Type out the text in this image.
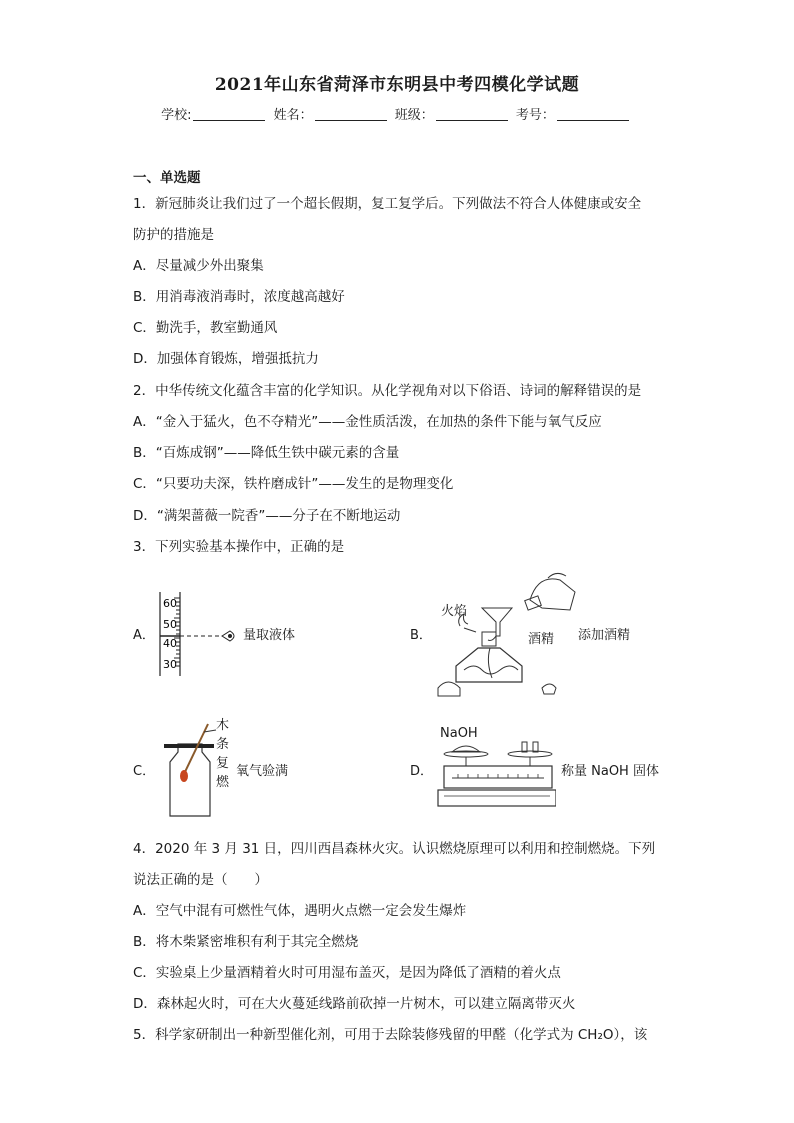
2021年山东省菏泽市东明县中考四模化学试题
学校:	姓名：	班级：	考号：
一、单选题
1．新冠肺炎让我们过了一个超长假期，复工复学后。下列做法不符合人体健康或安全
防护的措施是
A．尽量减少外出聚集
B．用消毒液消毒时，浓度越高越好
C．勤洗手，教室勤通风
D．加强体育锻炼，增强抵抗力
2．中华传统文化蕴含丰富的化学知识。从化学视角对以下俗语、诗词的解释错误的是
A．“金入于猛火，色不夺精光”——金性质活泼，在加热的条件下能与氧气反应
B．“百炼成钢”——降低生铁中碳元素的含量
C．“只要功夫深，铁杵磨成针”——发生的是物理变化
D．“满架蔷薇一院香”——分子在不断地运动
3．下列实验基本操作中，正确的是
A．
60
50
40
30
量取液体	B．
火焰
酒精 添加酒精
C．
木
条
复
燃
氧气验满	D．
NaOH
称量 NaOH 固体
4．2020 年 3 月 31 日，四川西昌森林火灾。认识燃烧原理可以利用和控制燃烧。下列
说法正确的是（　　）
A．空气中混有可燃性气体，遇明火点燃一定会发生爆炸
B．将木柴紧密堆积有利于其完全燃烧
C．实验桌上少量酒精着火时可用湿布盖灭，是因为降低了酒精的着火点
D．森林起火时，可在大火蔓延线路前砍掉一片树木，可以建立隔离带灭火
5．科学家研制出一种新型催化剂，可用于去除装修残留的甲醛（化学式为 CH₂O），该
